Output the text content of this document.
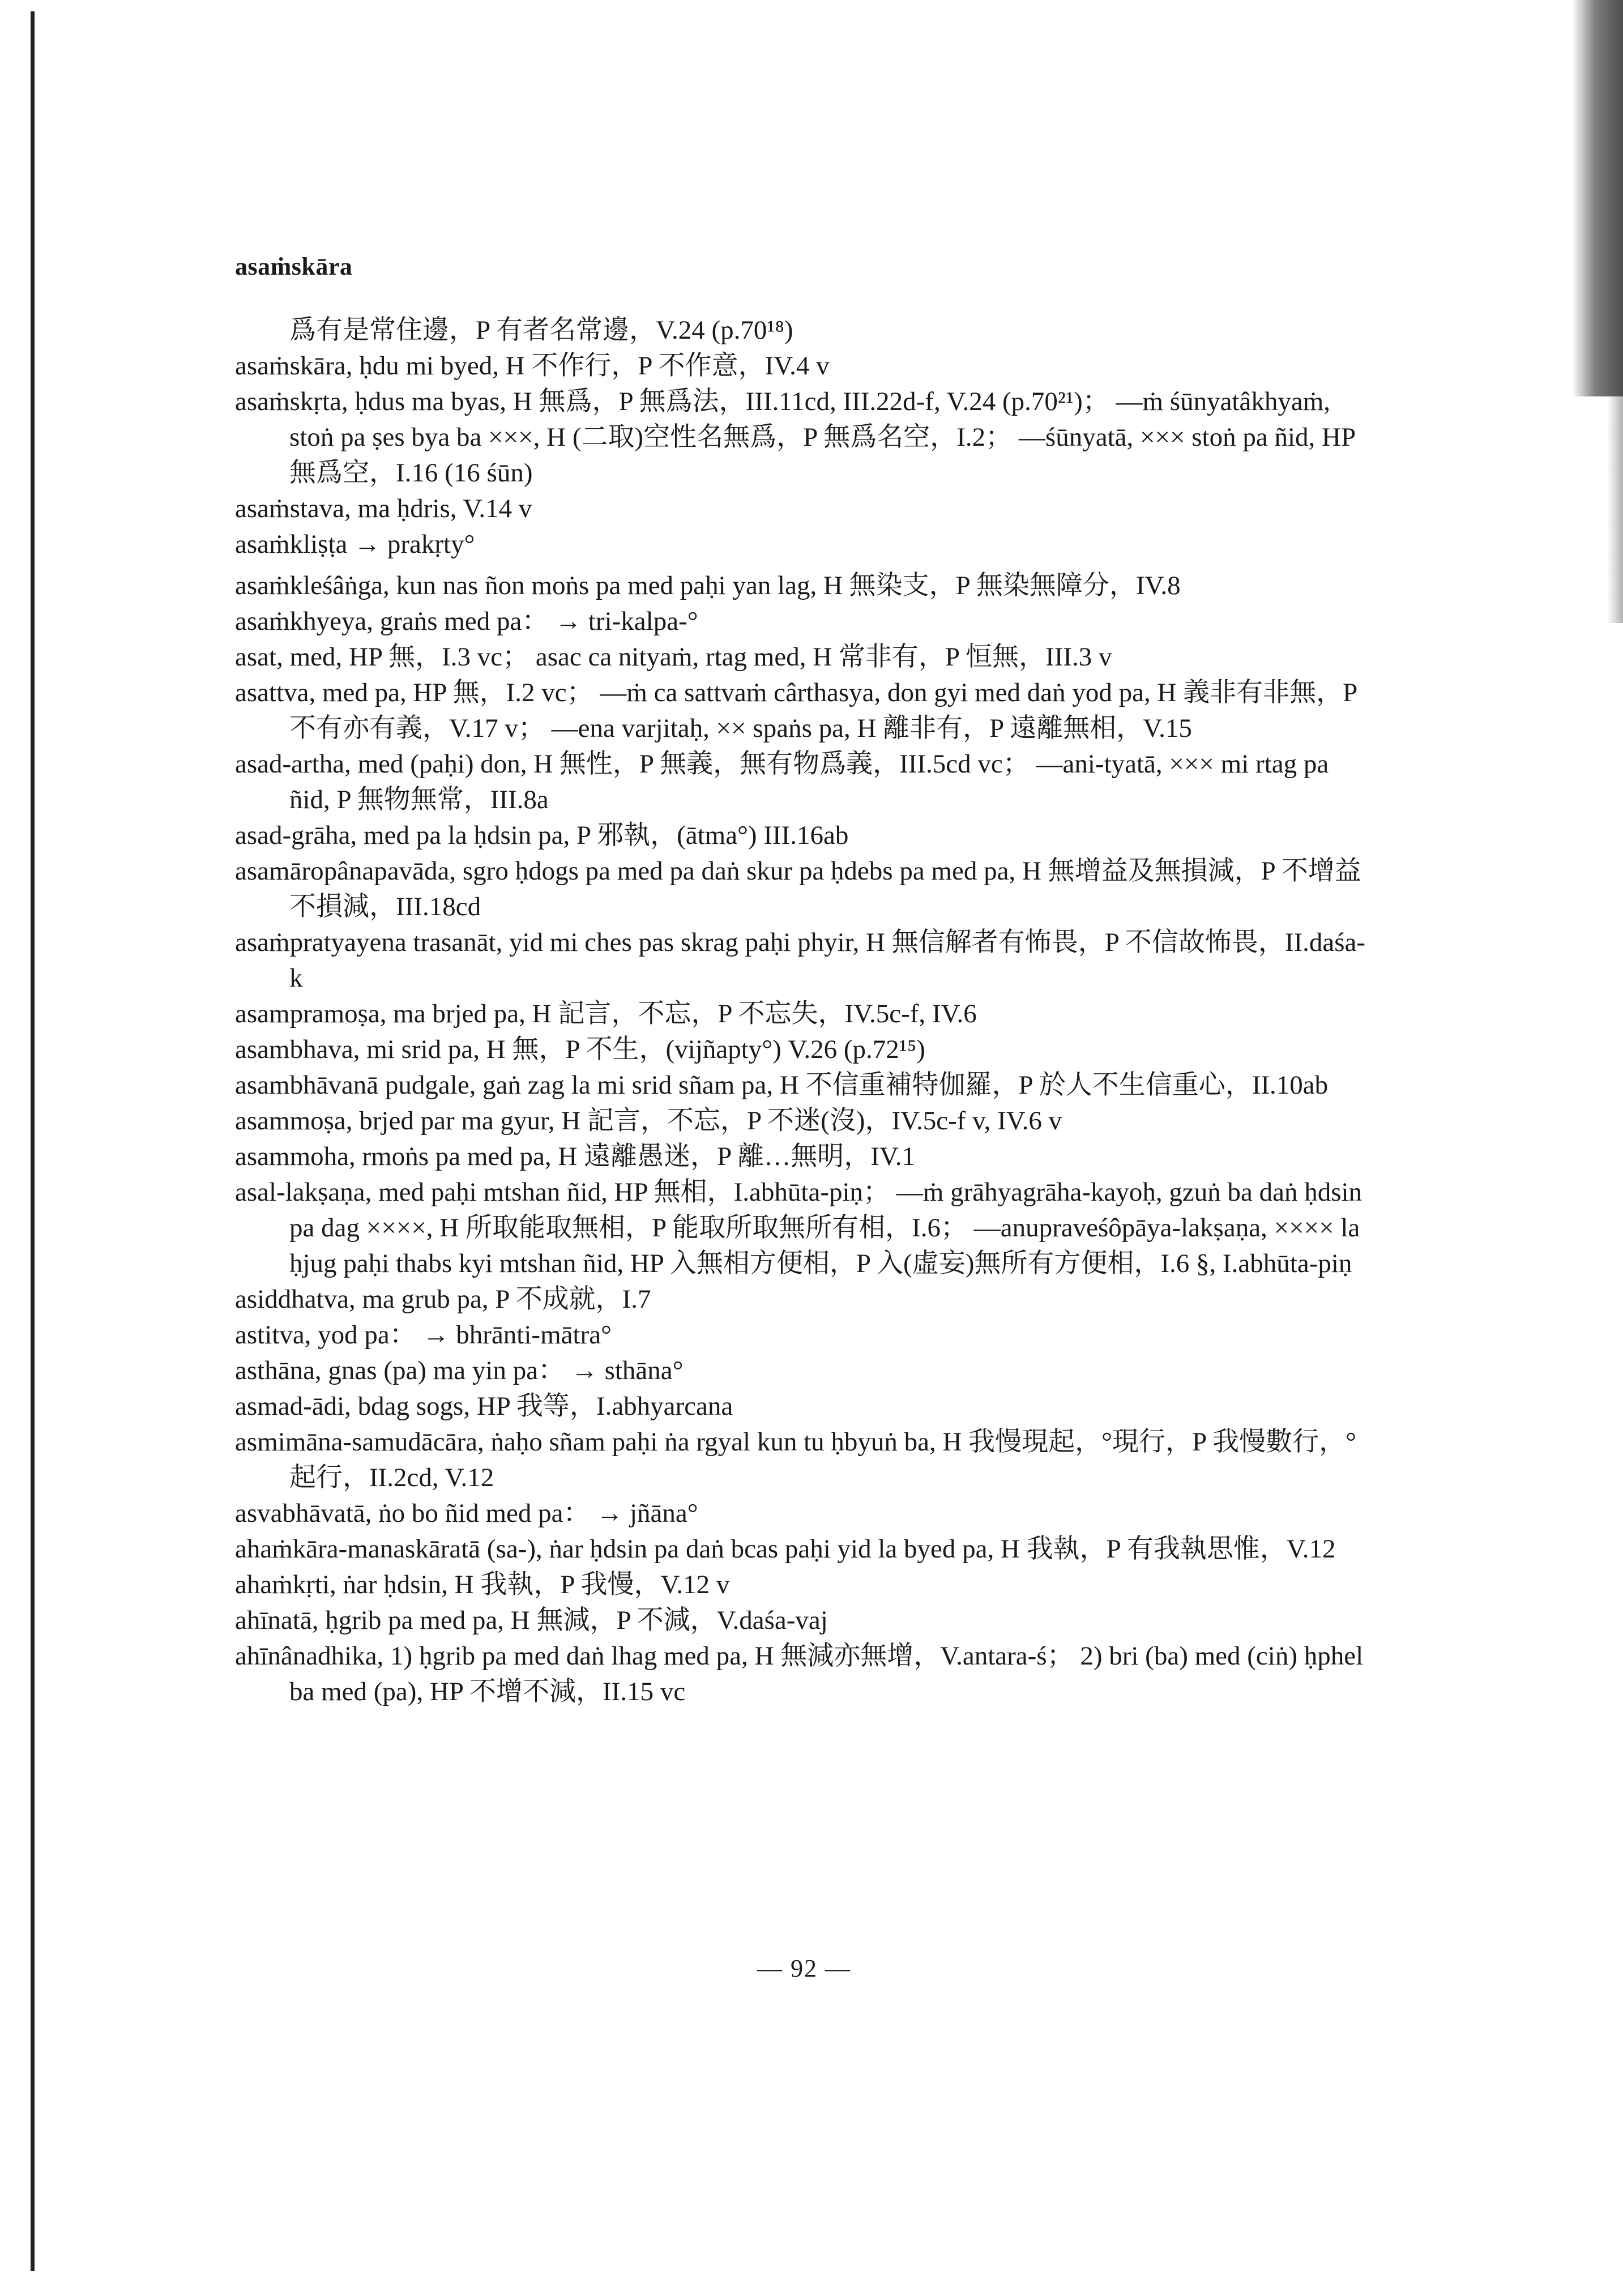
asaṁskāra

爲有是常住邊，P 有者名常邊，V.24 (p.70¹⁸)

asaṁskāra, ḥdu mi byed, H 不作行，P 不作意，IV.4 v

asaṁskṛta, ḥdus ma byas, H 無爲，P 無爲法，III.11cd, III.22d-f, V.24 (p.70²¹)； —ṁ śūnyatâkhyaṁ, stoṅ pa ṣes bya ba ×××, H (二取)空性名無爲，P 無爲名空，I.2； —śūnyatā, ××× stoṅ pa ñid, HP 無爲空，I.16 (16 śūn)

asaṁstava, ma ḥdris, V.14 v

asaṁkliṣṭa → prakṛty°

asaṁkleśâṅga, kun nas ñon moṅs pa med paḥi yan lag, H 無染支，P 無染無障分，IV.8

asaṁkhyeya, graṅs med pa： → tri-kalpa-°

asat, med, HP 無，I.3 vc； asac ca nityaṁ, rtag med, H 常非有，P 恒無，III.3 v

asattva, med pa, HP 無，I.2 vc； —ṁ ca sattvaṁ cârthasya, don gyi med daṅ yod pa, H 義非有非無，P 不有亦有義，V.17 v； —ena varjitaḥ, ×× spaṅs pa, H 離非有，P 遠離無相，V.15

asad-artha, med (paḥi) don, H 無性，P 無義，無有物爲義，III.5cd vc； —ani-tyatā, ××× mi rtag pa ñid, P 無物無常，III.8a

asad-grāha, med pa la ḥdsin pa, P 邪執，(ātma°) III.16ab

asamāropânapavāda, sgro ḥdogs pa med pa daṅ skur pa ḥdebs pa med pa, H 無增益及無損減，P 不增益不損減，III.18cd

asaṁpratyayena trasanāt, yid mi ches pas skrag paḥi phyir, H 無信解者有怖畏，P 不信故怖畏，II.daśa-k

asampramoṣa, ma brjed pa, H 記言，不忘，P 不忘失，IV.5c-f, IV.6

asambhava, mi srid pa, H 無，P 不生，(vijñapty°) V.26 (p.72¹⁵)

asambhāvanā pudgale, gaṅ zag la mi srid sñam pa, H 不信重補特伽羅，P 於人不生信重心，II.10ab

asammoṣa, brjed par ma gyur, H 記言，不忘，P 不迷(沒)，IV.5c-f v, IV.6 v

asammoha, rmoṅs pa med pa, H 遠離愚迷，P 離…無明，IV.1

asal-lakṣaṇa, med paḥi mtshan ñid, HP 無相，I.abhūta-piṇ； —ṁ grāhyagrāha-kayoḥ, gzuṅ ba daṅ ḥdsin pa dag ××××, H 所取能取無相，P 能取所取無所有相，I.6； —anupraveśôpāya-lakṣaṇa, ×××× la ḥjug paḥi thabs kyi mtshan ñid, HP 入無相方便相，P 入(虛妄)無所有方便相，I.6 §, I.abhūta-piṇ

asiddhatva, ma grub pa, P 不成就，I.7

astitva, yod pa： → bhrānti-mātra°

asthāna, gnas (pa) ma yin pa： → sthāna°

asmad-ādi, bdag sogs, HP 我等，I.abhyarcana

asmimāna-samudācāra, ṅaḥo sñam paḥi ṅa rgyal kun tu ḥbyuṅ ba, H 我慢現起，°現行，P 我慢數行，°起行，II.2cd, V.12

asvabhāvatā, ṅo bo ñid med pa： → jñāna°

ahaṁkāra-manaskāratā (sa-), ṅar ḥdsin pa daṅ bcas paḥi yid la byed pa, H 我執，P 有我執思惟，V.12

ahaṁkṛti, ṅar ḥdsin, H 我執，P 我慢，V.12 v

ahīnatā, ḥgrib pa med pa, H 無減，P 不減，V.daśa-vaj

ahīnânadhika, 1) ḥgrib pa med daṅ lhag med pa, H 無減亦無增，V.antara-ś； 2) bri (ba) med (ciṅ) ḥphel ba med (pa), HP 不增不減，II.15 vc

— 92 —
